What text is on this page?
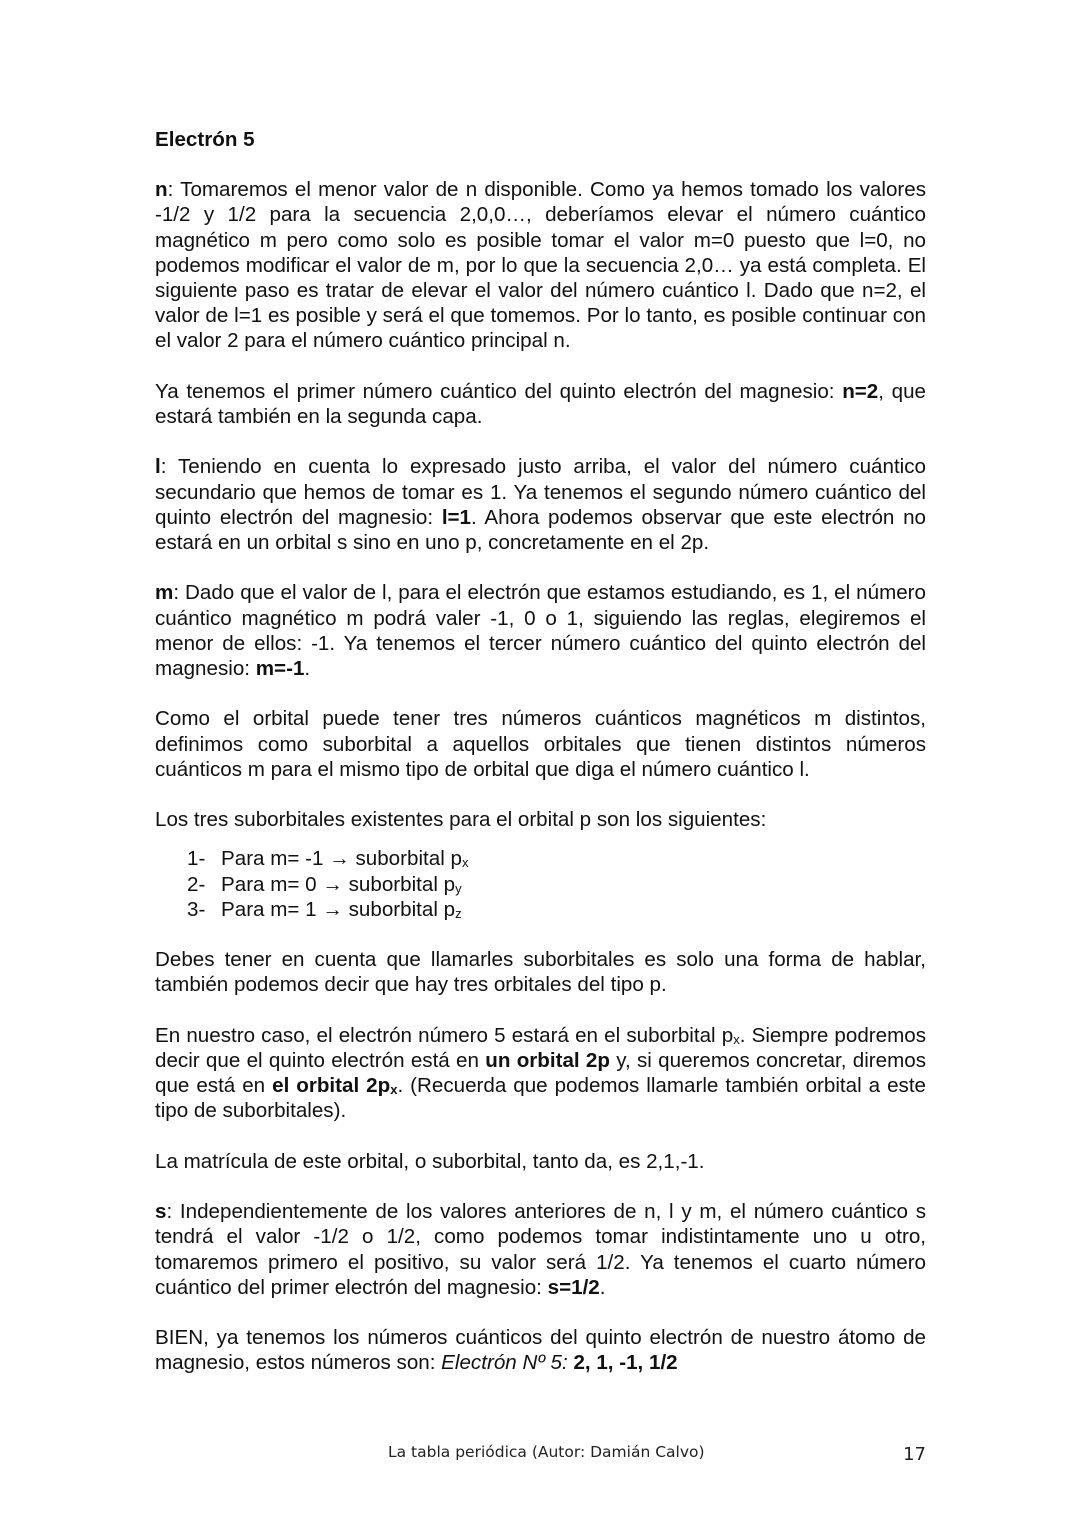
Electrón 5

n: Tomaremos el menor valor de n disponible. Como ya hemos tomado los valores -1/2 y 1/2 para la secuencia 2,0,0…, deberíamos elevar el número cuántico magnético m pero como solo es posible tomar el valor m=0 puesto que l=0, no podemos modificar el valor de m, por lo que la secuencia 2,0… ya está completa. El siguiente paso es tratar de elevar el valor del número cuántico l. Dado que n=2, el valor de l=1 es posible y será el que tomemos. Por lo tanto, es posible continuar con el valor 2 para el número cuántico principal n.

Ya tenemos el primer número cuántico del quinto electrón del magnesio: n=2, que estará también en la segunda capa.

l: Teniendo en cuenta lo expresado justo arriba, el valor del número cuántico secundario que hemos de tomar es 1. Ya tenemos el segundo número cuántico del quinto electrón del magnesio: l=1. Ahora podemos observar que este electrón no estará en un orbital s sino en uno p, concretamente en el 2p.

m: Dado que el valor de l, para el electrón que estamos estudiando, es 1, el número cuántico magnético m podrá valer -1, 0 o 1, siguiendo las reglas, elegiremos el menor de ellos: -1. Ya tenemos el tercer número cuántico del quinto electrón del magnesio: m=-1.

Como el orbital puede tener tres números cuánticos magnéticos m distintos, definimos como suborbital a aquellos orbitales que tienen distintos números cuánticos m para el mismo tipo de orbital que diga el número cuántico l.

Los tres suborbitales existentes para el orbital p son los siguientes:

1- Para m= -1 → suborbital $p_x$
2- Para m= 0 → suborbital $p_y$
3- Para m= 1 → suborbital $p_z$

Debes tener en cuenta que llamarles suborbitales es solo una forma de hablar, también podemos decir que hay tres orbitales del tipo p.

En nuestro caso, el electrón número 5 estará en el suborbital $p_x$. Siempre podremos decir que el quinto electrón está en un orbital 2p y, si queremos concretar, diremos que está en el orbital $2p_x$. (Recuerda que podemos llamarle también orbital a este tipo de suborbitales).

La matrícula de este orbital, o suborbital, tanto da, es 2,1,-1.

s: Independientemente de los valores anteriores de n, l y m, el número cuántico s tendrá el valor -1/2 o 1/2, como podemos tomar indistintamente uno u otro, tomaremos primero el positivo, su valor será 1/2. Ya tenemos el cuarto número cuántico del primer electrón del magnesio: s=1/2.

BIEN, ya tenemos los números cuánticos del quinto electrón de nuestro átomo de magnesio, estos números son: Electrón Nº 5: 2, 1, -1, 1/2

La tabla periódica (Autor: Damián Calvo)	17
